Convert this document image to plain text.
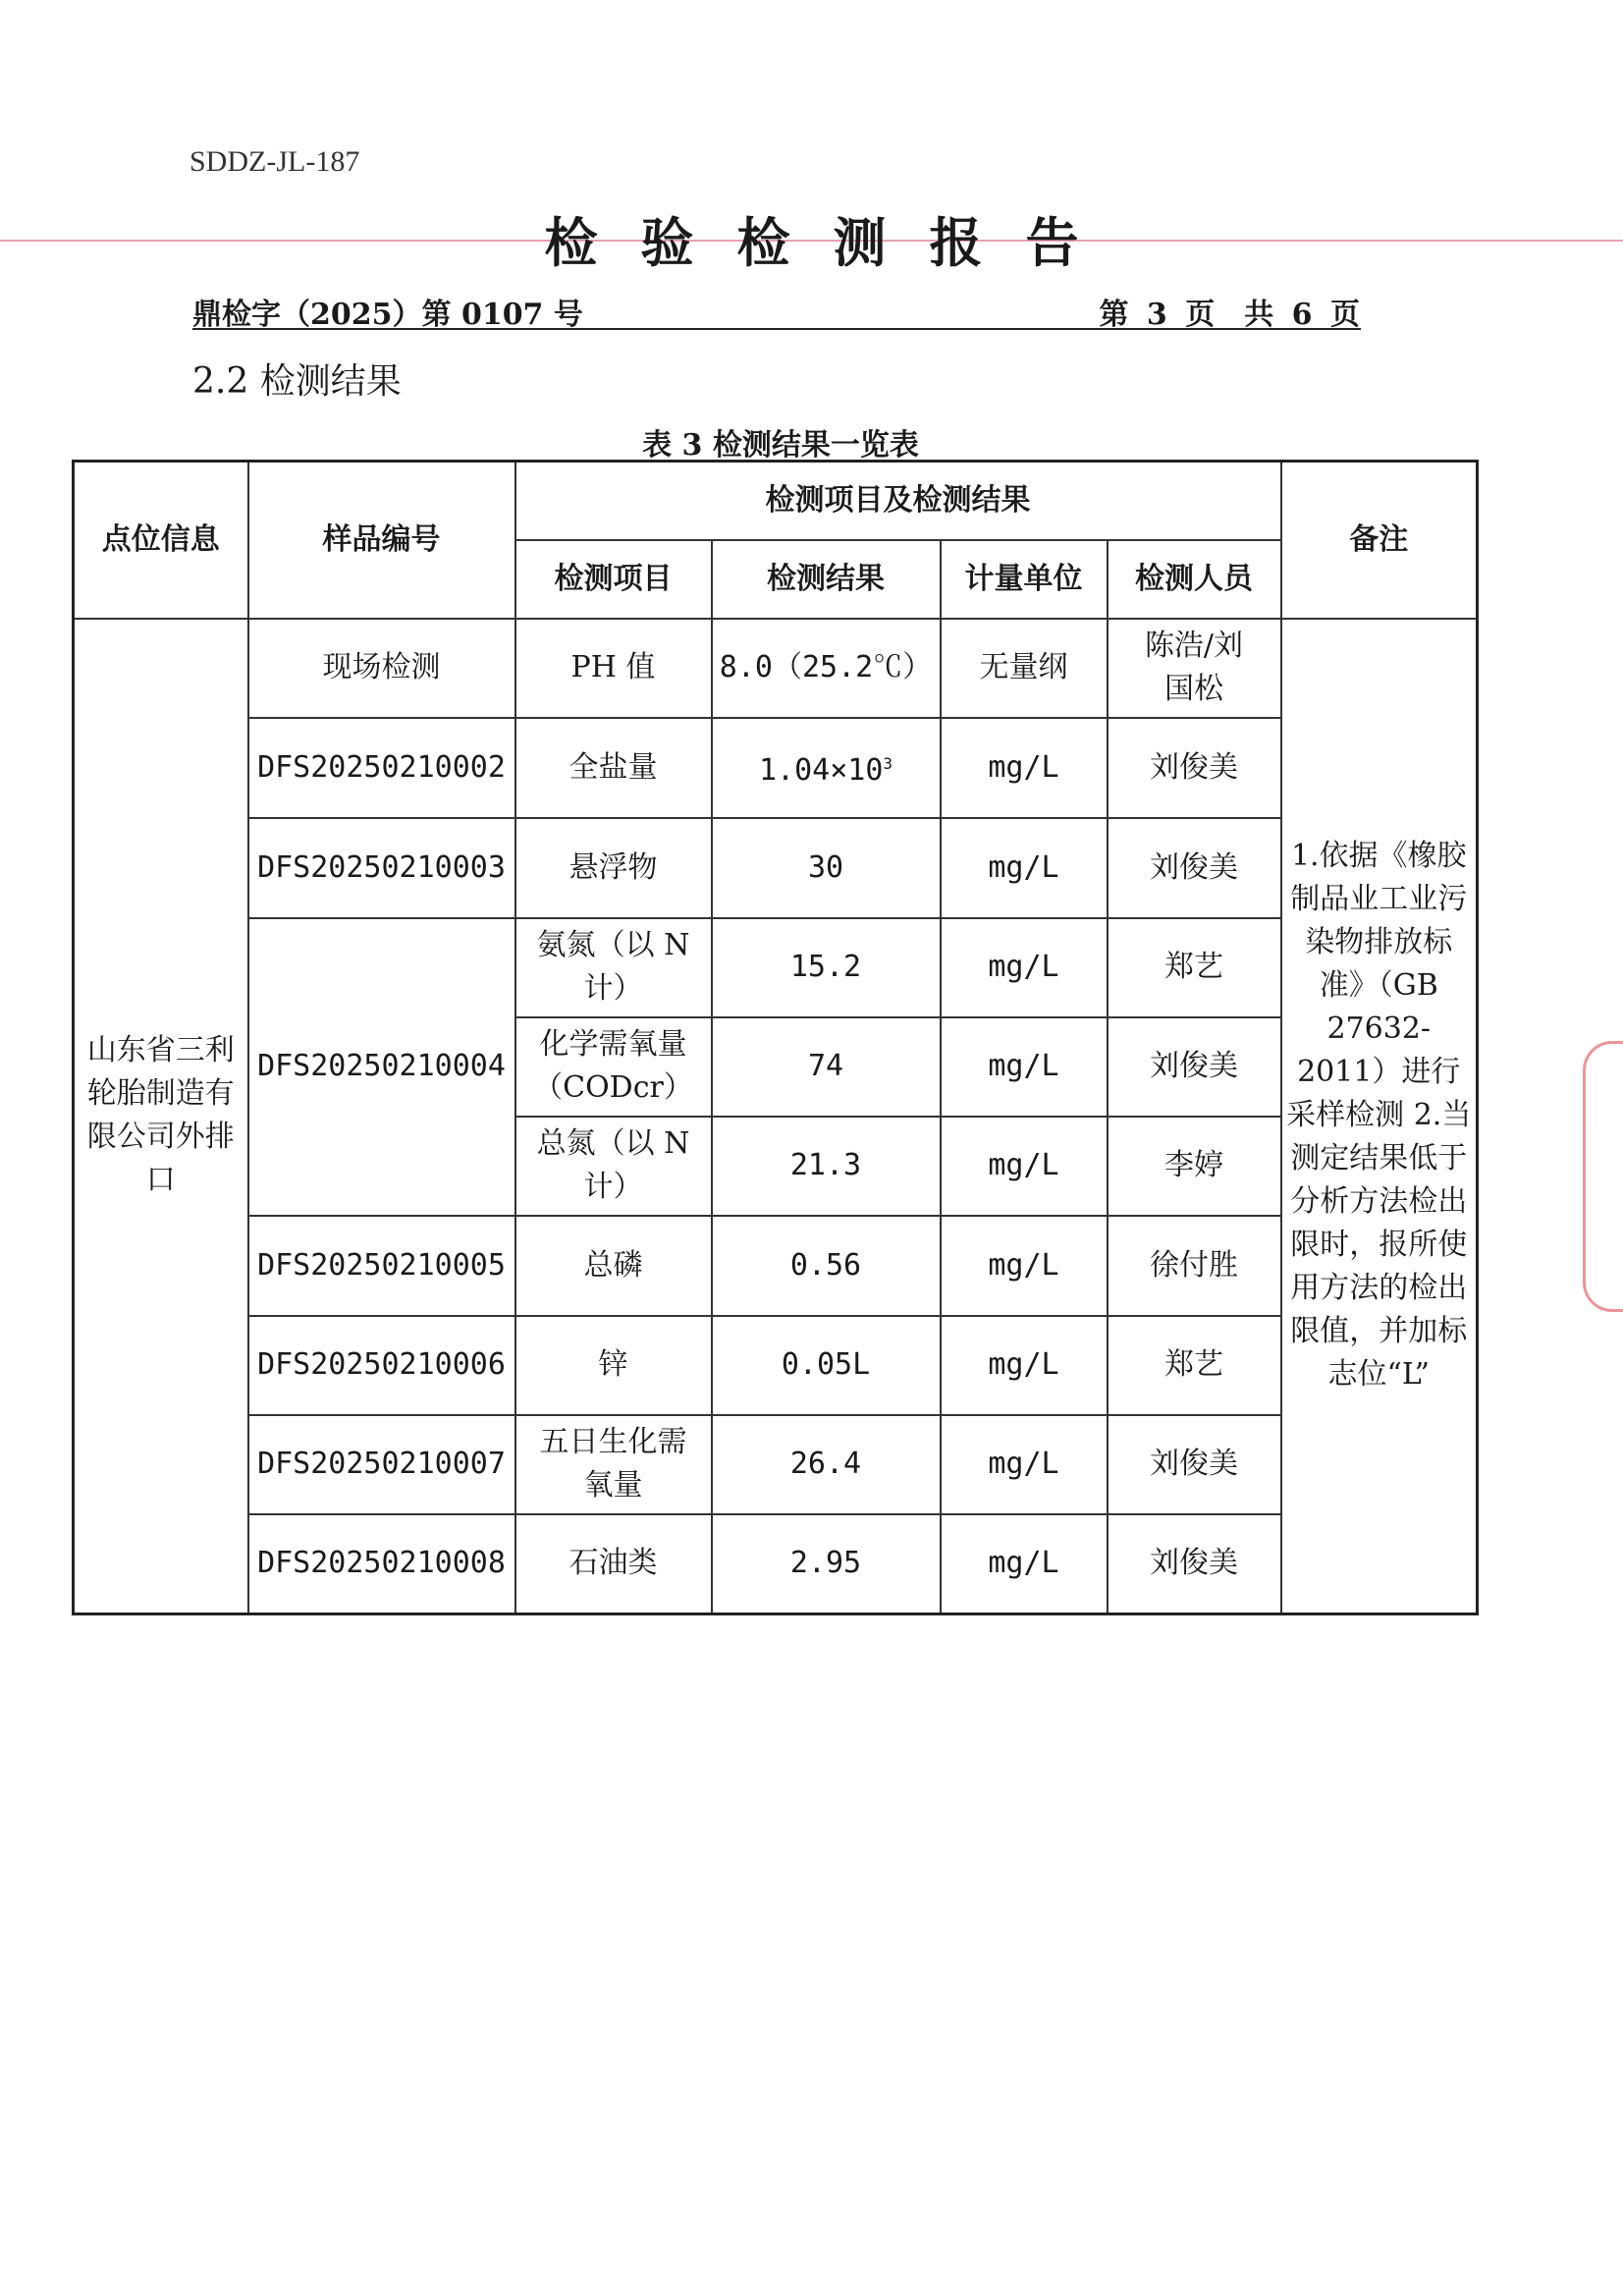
SDDZ-JL-187
检验检测报告
鼎检字（2025）第 0107 号	第 3 页　共 6 页
2.2 检测结果
表 3 检测结果一览表
点位信息	样品编号	检测项目及检测结果				备注
		检测项目	检测结果	计量单位	检测人员	
山东省三利轮胎制造有限公司外排口	现场检测	PH 值	8.0（25.2℃）	无量纲	陈浩/刘国松	1.依据《橡胶制品业工业污染物排放标准》（GB 27632-2011）进行采样检测 2.当测定结果低于分析方法检出限时，报所使用方法的检出限值，并加标志位“L”
	DFS20250210002	全盐量	$1.04\times 10^3$	mg/L	刘俊美	
	DFS20250210003	悬浮物	30	mg/L	刘俊美	
	DFS20250210004	氨氮（以 N 计）	15.2	mg/L	郑艺	
		化学需氧量（CODcr）	74	mg/L	刘俊美	
		总氮（以 N 计）	21.3	mg/L	李婷	
	DFS20250210005	总磷	0.56	mg/L	徐付胜	
	DFS20250210006	锌	0.05L	mg/L	郑艺	
	DFS20250210007	五日生化需氧量	26.4	mg/L	刘俊美	
	DFS20250210008	石油类	2.95	mg/L	刘俊美	
